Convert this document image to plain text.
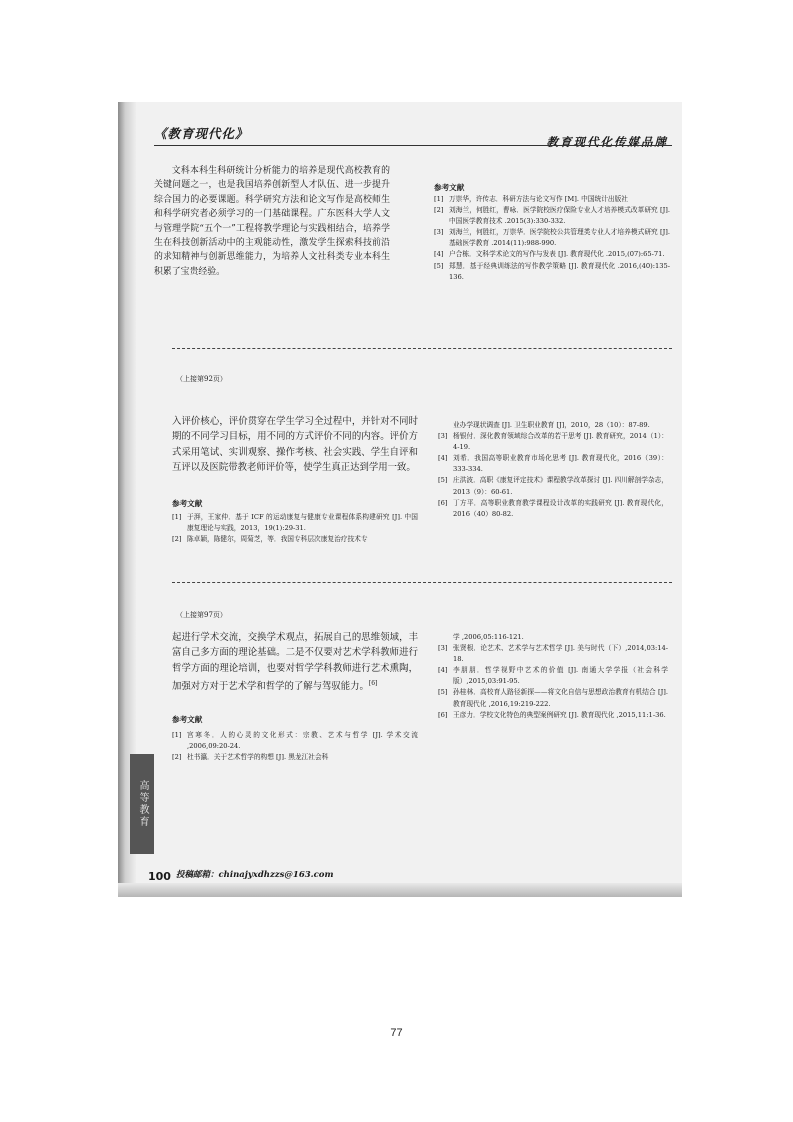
《教育现代化》
教育现代化传媒品牌

文科本科生科研统计分析能力的培养是现代高校教育的关键问题之一，也是我国培养创新型人才队伍、进一步提升综合国力的必要课题。科学研究方法和论文写作是高校师生和科学研究者必须学习的一门基础课程。广东医科大学人文与管理学院“五个一”工程将教学理论与实践相结合，培养学生在科技创新活动中的主观能动性，激发学生探索科技前沿的求知精神与创新思维能力，为培养人文社科类专业本科生积累了宝贵经验。

参考文献

[1] 万崇华，许传志．科研方法与论文写作 [M]. 中国统计出版社
[2] 刘海兰，何胜红，曹咏．医学院校医疗保险专业人才培养模式改革研究 [J]. 中国医学教育技术 .2015(3):330-332.
[3] 刘海兰，何胜红，万崇华．医学院校公共管理类专业人才培养模式研究 [J]. 基础医学教育 .2014(11):988-990.
[4] 户合栋．文科学术论文的写作与发表 [J]. 教育现代化 .2015,(07):65-71.
[5] 郑慧．基于经典训练法的写作教学策略 [J]. 教育现代化 .2016,(40):135-136.
（上接第92页）

入评价核心，评价贯穿在学生学习全过程中，并针对不同时期的不同学习目标，用不同的方式评价不同的内容。评价方式采用笔试、实训观察、操作考核、社会实践、学生自评和互评以及医院带教老师评价等，使学生真正达到学用一致。

参考文献

[1] 于湃，王家仲．基于 ICF 的运动康复与健康专业课程体系构建研究 [J]. 中国康复理论与实践，2013，19(1):29-31.
[2] 陈卓颖，陈健尔，周菊芝，等．我国专科层次康复治疗技术专
业办学现状调查 [J]. 卫生职业教育 [J]，2010，28（10）：87-89.
[3] 杨银付．深化教育领域综合改革的若干思考 [J]. 教育研究，2014（1）：4-19.
[4] 刘希．我国高等职业教育市场化思考 [J]. 教育现代化，2016（39）：333-334.
[5] 庄洪波．高职《康复评定技术》课程教学改革探讨 [J]. 四川解剖学杂志，2013（9）：60-61.
[6] 丁方平．高等职业教育教学课程设计改革的实践研究 [J]. 教育现代化，2016（40）80-82.
（上接第97页）

起进行学术交流，交换学术观点，拓展自己的思维领域，丰富自己多方面的理论基础。二是不仅要对艺术学科教师进行哲学方面的理论培训，也要对哲学学科教师进行艺术熏陶，加强对方对于艺术学和哲学的了解与驾驭能力。[6]

参考文献

[1] 宫寒冬．人的心灵的文化形式：宗教、艺术与哲学 [J]. 学术交流 ,2006,09:20-24.
[2] 杜书瀛．关于艺术哲学的构想 [J]. 黑龙江社会科
学 ,2006,05:116-121.
[3] 张贤根．论艺术、艺术学与艺术哲学 [J]. 美与时代（下）,2014,03:14-18.
[4] 李朋朋．哲学视野中艺术的价值 [J]. 南通大学学报（社会科学版）,2015,03:91-95.
[5] 孙桂林．高校育人路径新探——将文化自信与思想政治教育有机结合 [J]. 教育现代化 ,2016,19:219-222.
[6] 王彦力．学校文化特色的典型案例研究 [J]. 教育现代化 ,2015,11:1-36.
高等教育
100 投稿邮箱：chinajyxdhzzs@163.com
77
